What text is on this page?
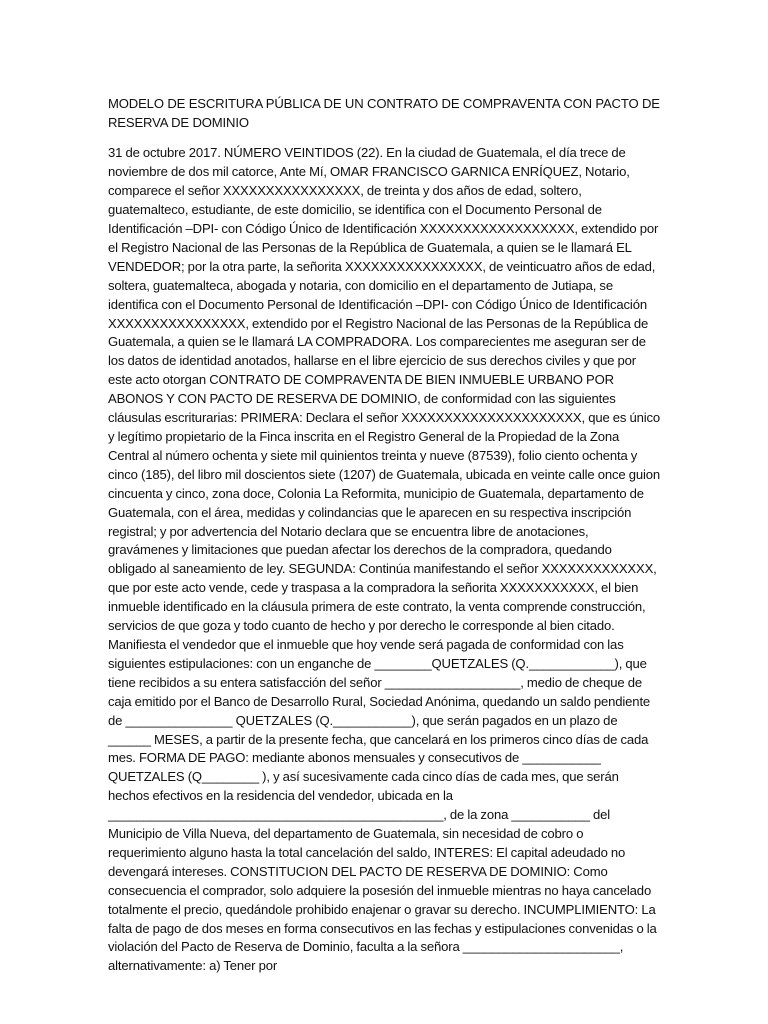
MODELO DE ESCRITURA PÚBLICA DE UN CONTRATO DE COMPRAVENTA CON PACTO DE RESERVA DE DOMINIO

31 de octubre 2017. NÚMERO VEINTIDOS (22). En la ciudad de Guatemala, el día trece de noviembre de dos mil catorce, Ante Mí, OMAR FRANCISCO GARNICA ENRÍQUEZ, Notario, comparece el señor XXXXXXXXXXXXXXXX, de treinta y dos años de edad, soltero, guatemalteco, estudiante, de este domicilio, se identifica con el Documento Personal de Identificación –DPI- con Código Único de Identificación XXXXXXXXXXXXXXXXXX, extendido por el Registro Nacional de las Personas de la República de Guatemala, a quien se le llamará EL VENDEDOR; por la otra parte, la señorita XXXXXXXXXXXXXXXX, de veinticuatro años de edad, soltera, guatemalteca, abogada y notaria, con domicilio en el departamento de Jutiapa, se identifica con el Documento Personal de Identificación –DPI- con Código Único de Identificación XXXXXXXXXXXXXXXX, extendido por el Registro Nacional de las Personas de la República de Guatemala, a quien se le llamará LA COMPRADORA. Los comparecientes me aseguran ser de los datos de identidad anotados, hallarse en el libre ejercicio de sus derechos civiles y que por este acto otorgan CONTRATO DE COMPRAVENTA DE BIEN INMUEBLE URBANO POR ABONOS Y CON PACTO DE RESERVA DE DOMINIO, de conformidad con las siguientes cláusulas escriturarias: PRIMERA: Declara el señor XXXXXXXXXXXXXXXXXXXXX, que es único y legítimo propietario de la Finca inscrita en el Registro General de la Propiedad de la Zona Central al número ochenta y siete mil quinientos treinta y nueve (87539), folio ciento ochenta y cinco (185), del libro mil doscientos siete (1207) de Guatemala, ubicada en veinte calle once guion cincuenta y cinco, zona doce, Colonia La Reformita, municipio de Guatemala, departamento de Guatemala, con el área, medidas y colindancias que le aparecen en su respectiva inscripción registral; y por advertencia del Notario declara que se encuentra libre de anotaciones, gravámenes y limitaciones que puedan afectar los derechos de la compradora, quedando obligado al saneamiento de ley. SEGUNDA: Continúa manifestando el señor XXXXXXXXXXXXX, que por este acto vende, cede y traspasa a la compradora la señorita XXXXXXXXXXX, el bien inmueble identificado en la cláusula primera de este contrato, la venta comprende construcción, servicios de que goza y todo cuanto de hecho y por derecho le corresponde al bien citado. Manifiesta el vendedor que el inmueble que hoy vende será pagada de conformidad con las siguientes estipulaciones: con un enganche de ________QUETZALES (Q.____________), que tiene recibidos a su entera satisfacción del señor ___________________, medio de cheque de caja emitido por el Banco de Desarrollo Rural, Sociedad Anónima, quedando un saldo pendiente de _______________ QUETZALES (Q.___________), que serán pagados en un plazo de ______ MESES, a partir de la presente fecha, que cancelará en los primeros cinco días de cada mes. FORMA DE PAGO: mediante abonos mensuales y consecutivos de ___________ QUETZALES (Q________ ), y así sucesivamente cada cinco días de cada mes, que serán hechos efectivos en la residencia del vendedor, ubicada en la _______________________________________________, de la zona ___________ del Municipio de Villa Nueva, del departamento de Guatemala, sin necesidad de cobro o requerimiento alguno hasta la total cancelación del saldo, INTERES: El capital adeudado no devengará intereses. CONSTITUCION DEL PACTO DE RESERVA DE DOMINIO: Como consecuencia el comprador, solo adquiere la posesión del inmueble mientras no haya cancelado totalmente el precio, quedándole prohibido enajenar o gravar su derecho. INCUMPLIMIENTO: La falta de pago de dos meses en forma consecutivos en las fechas y estipulaciones convenidas o la violación del Pacto de Reserva de Dominio, faculta a la señora ______________________, alternativamente: a) Tener por
